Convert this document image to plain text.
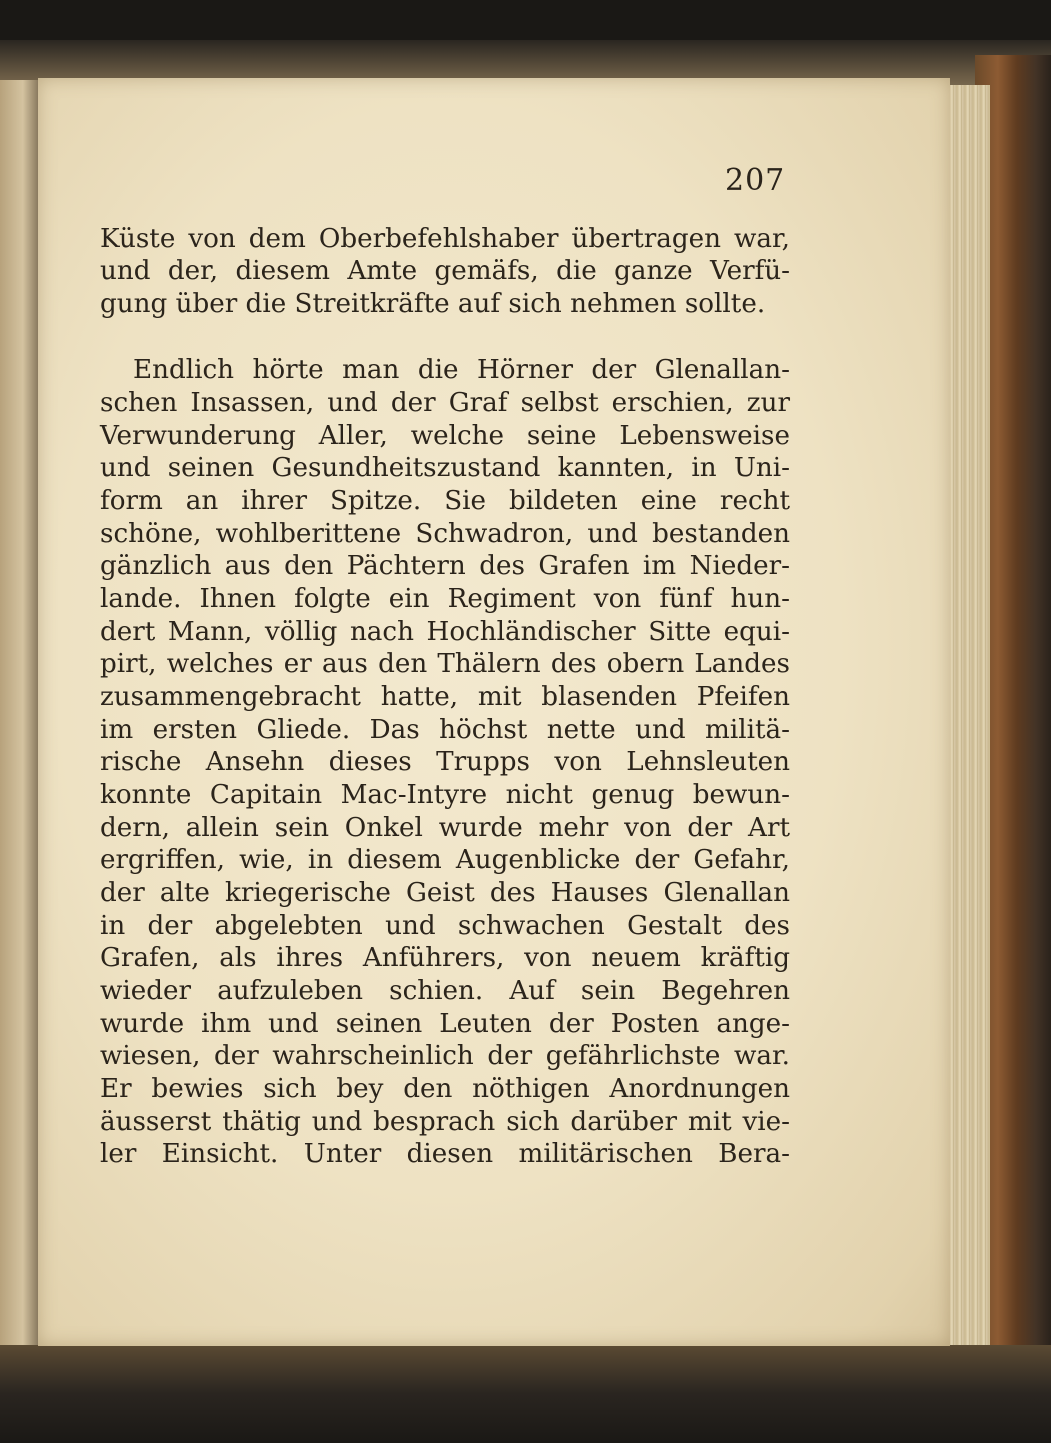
207
Küste von dem Oberbefehlshaber übertragen war,
und der, diesem Amte gemäfs, die ganze Verfü-
gung über die Streitkräfte auf sich nehmen sollte.
Endlich hörte man die Hörner der Glenallan-
schen Insassen, und der Graf selbst erschien, zur
Verwunderung Aller, welche seine Lebensweise
und seinen Gesundheitszustand kannten, in Uni-
form an ihrer Spitze. Sie bildeten eine recht
schöne, wohlberittene Schwadron, und bestanden
gänzlich aus den Pächtern des Grafen im Nieder-
lande. Ihnen folgte ein Regiment von fünf hun-
dert Mann, völlig nach Hochländischer Sitte equi-
pirt, welches er aus den Thälern des obern Landes
zusammengebracht hatte, mit blasenden Pfeifen
im ersten Gliede. Das höchst nette und militä-
rische Ansehn dieses Trupps von Lehnsleuten
konnte Capitain Mac-Intyre nicht genug bewun-
dern, allein sein Onkel wurde mehr von der Art
ergriffen, wie, in diesem Augenblicke der Gefahr,
der alte kriegerische Geist des Hauses Glenallan
in der abgelebten und schwachen Gestalt des
Grafen, als ihres Anführers, von neuem kräftig
wieder aufzuleben schien. Auf sein Begehren
wurde ihm und seinen Leuten der Posten ange-
wiesen, der wahrscheinlich der gefährlichste war.
Er bewies sich bey den nöthigen Anordnungen
äusserst thätig und besprach sich darüber mit vie-
ler Einsicht. Unter diesen militärischen Bera-
